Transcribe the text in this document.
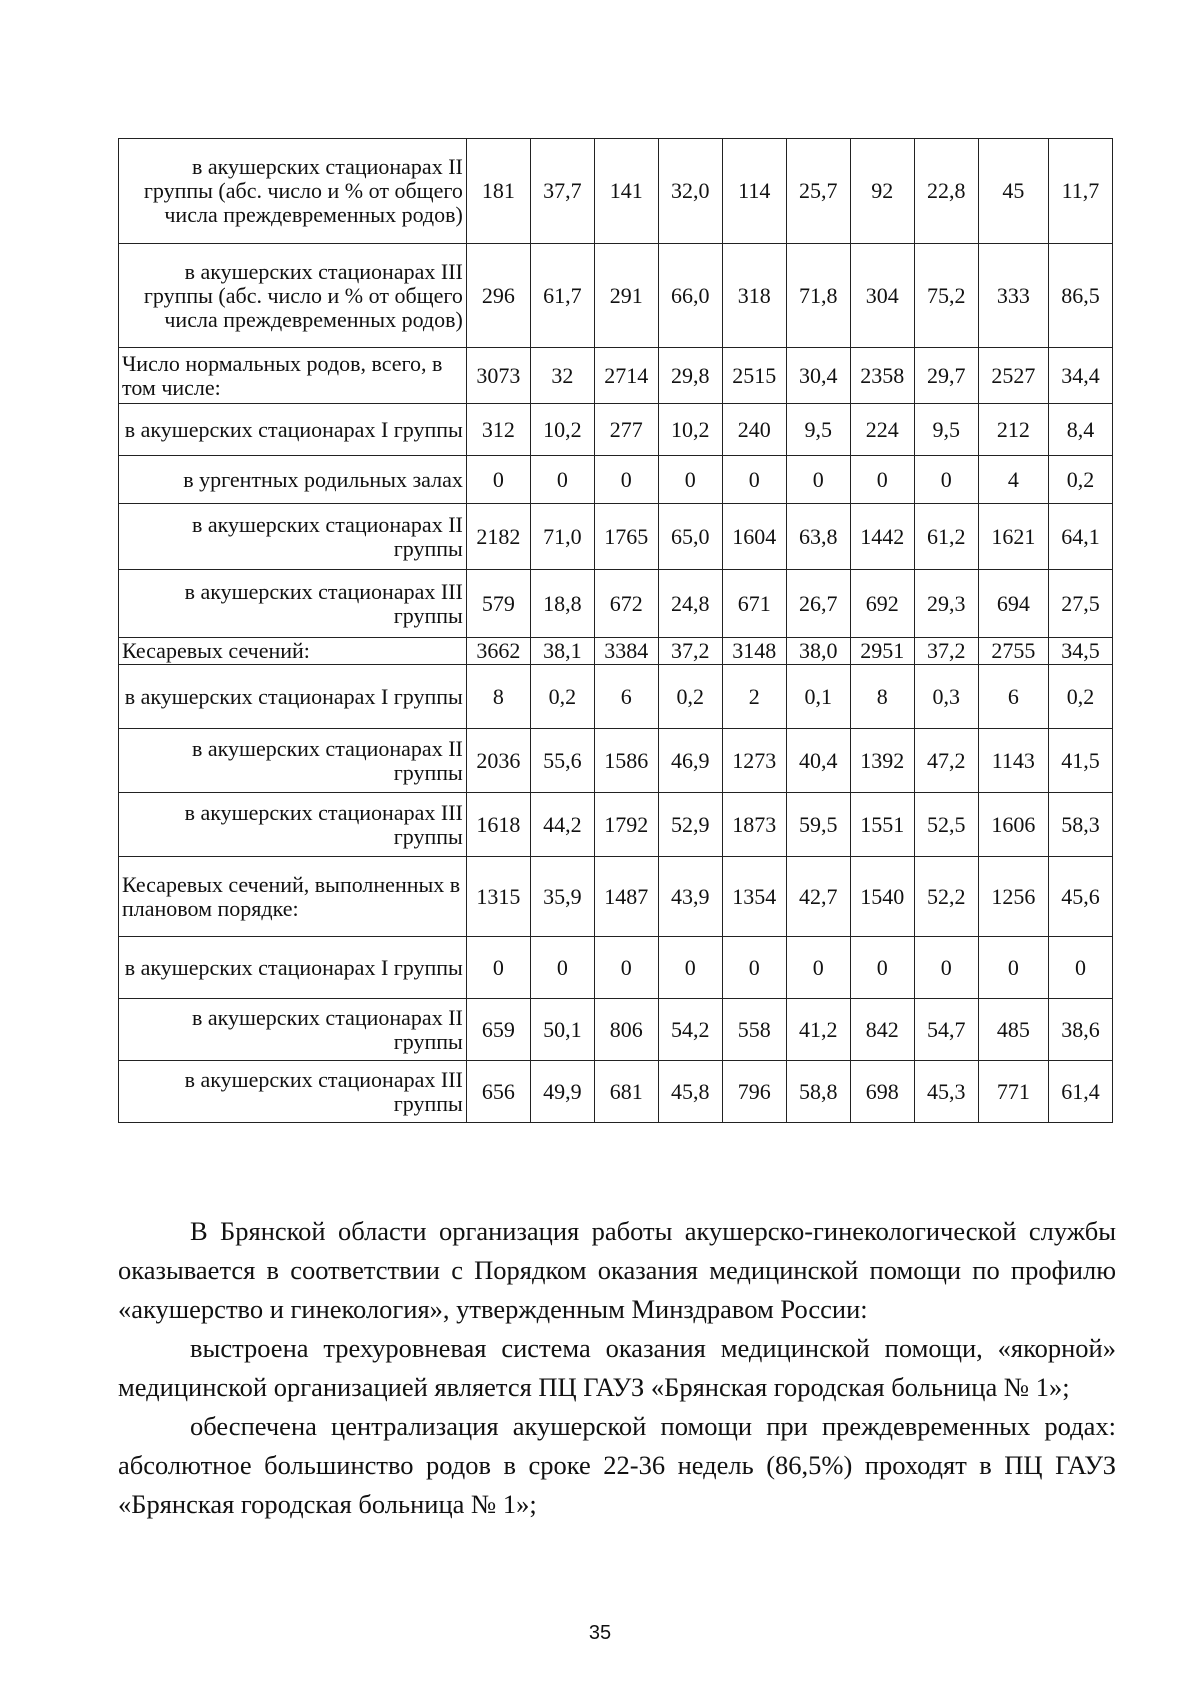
в акушерских стационарах II группы (абс. число и % от общего числа преждевременных родов)	181	37,7	141	32,0	114	25,7	92	22,8	45	11,7
в акушерских стационарах III группы (абс. число и % от общего числа преждевременных родов)	296	61,7	291	66,0	318	71,8	304	75,2	333	86,5
Число нормальных родов, всего, в том числе:	3073	32	2714	29,8	2515	30,4	2358	29,7	2527	34,4
в акушерских стационарах I группы	312	10,2	277	10,2	240	9,5	224	9,5	212	8,4
в ургентных родильных залах	0	0	0	0	0	0	0	0	4	0,2
в акушерских стационарах II группы	2182	71,0	1765	65,0	1604	63,8	1442	61,2	1621	64,1
в акушерских стационарах III группы	579	18,8	672	24,8	671	26,7	692	29,3	694	27,5
Кесаревых сечений:	3662	38,1	3384	37,2	3148	38,0	2951	37,2	2755	34,5
в акушерских стационарах I группы	8	0,2	6	0,2	2	0,1	8	0,3	6	0,2
в акушерских стационарах II группы	2036	55,6	1586	46,9	1273	40,4	1392	47,2	1143	41,5
в акушерских стационарах III группы	1618	44,2	1792	52,9	1873	59,5	1551	52,5	1606	58,3
Кесаревых сечений, выполненных в плановом порядке:	1315	35,9	1487	43,9	1354	42,7	1540	52,2	1256	45,6
в акушерских стационарах I группы	0	0	0	0	0	0	0	0	0	0
в акушерских стационарах II группы	659	50,1	806	54,2	558	41,2	842	54,7	485	38,6
в акушерских стационарах III группы	656	49,9	681	45,8	796	58,8	698	45,3	771	61,4

В Брянской области организация работы акушерско-гинекологической службы оказывается в соответствии с Порядком оказания медицинской помощи по профилю «акушерство и гинекология», утвержденным Минздравом России:

выстроена трехуровневая система оказания медицинской помощи, «якорной» медицинской организацией является ПЦ ГАУЗ «Брянская городская больница № 1»;

обеспечена централизация акушерской помощи при преждевременных родах: абсолютное большинство родов в сроке 22-36 недель (86,5%) проходят в ПЦ ГАУЗ «Брянская городская больница № 1»;

35
